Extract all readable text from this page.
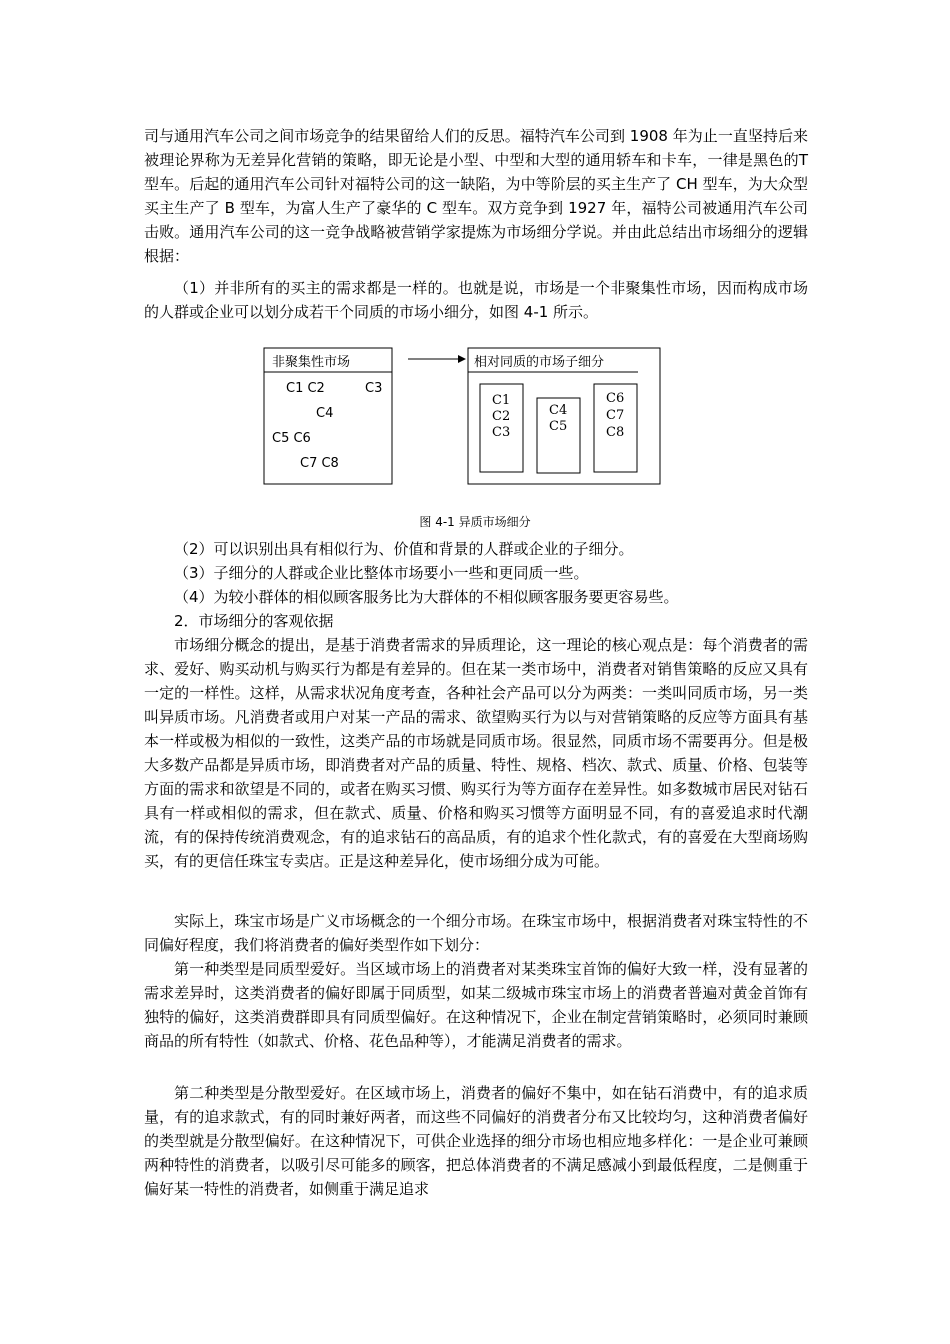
司与通用汽车公司之间市场竞争的结果留给人们的反思。福特汽车公司到 1908 年为止一直坚持后来被理论界称为无差异化营销的策略，即无论是小型、中型和大型的通用轿车和卡车，一律是黑色的T型车。后起的通用汽车公司针对福特公司的这一缺陷，为中等阶层的买主生产了 CH 型车，为大众型买主生产了 B 型车，为富人生产了豪华的 C 型车。双方竞争到 1927 年，福特公司被通用汽车公司击败。通用汽车公司的这一竞争战略被营销学家提炼为市场细分学说。并由此总结出市场细分的逻辑根据：

（1）并非所有的买主的需求都是一样的。也就是说，市场是一个非聚集性市场，因而构成市场的人群或企业可以划分成若干个同质的市场小细分，如图 4-1 所示。

非聚集性市场
C1 C2	C3
C4
C5 C6
C7 C8
相对同质的市场子细分
C1
C2
C3
C4
C5
C6
C7
C8
图 4-1 异质市场细分

（2）可以识别出具有相似行为、价值和背景的人群或企业的子细分。

（3）子细分的人群或企业比整体市场要小一些和更同质一些。

（4）为较小群体的相似顾客服务比为大群体的不相似顾客服务要更容易些。

2．市场细分的客观依据

市场细分概念的提出，是基于消费者需求的异质理论，这一理论的核心观点是：每个消费者的需求、爱好、购买动机与购买行为都是有差异的。但在某一类市场中，消费者对销售策略的反应又具有一定的一样性。这样，从需求状况角度考查，各种社会产品可以分为两类：一类叫同质市场，另一类叫异质市场。凡消费者或用户对某一产品的需求、欲望购买行为以与对营销策略的反应等方面具有基本一样或极为相似的一致性，这类产品的市场就是同质市场。很显然，同质市场不需要再分。但是极大多数产品都是异质市场，即消费者对产品的质量、特性、规格、档次、款式、质量、价格、包装等方面的需求和欲望是不同的，或者在购买习惯、购买行为等方面存在差异性。如多数城市居民对钻石具有一样或相似的需求，但在款式、质量、价格和购买习惯等方面明显不同，有的喜爱追求时代潮流，有的保持传统消费观念，有的追求钻石的高品质，有的追求个性化款式，有的喜爱在大型商场购买，有的更信任珠宝专卖店。正是这种差异化，使市场细分成为可能。

实际上，珠宝市场是广义市场概念的一个细分市场。在珠宝市场中，根据消费者对珠宝特性的不同偏好程度，我们将消费者的偏好类型作如下划分：

第一种类型是同质型爱好。当区域市场上的消费者对某类珠宝首饰的偏好大致一样，没有显著的需求差异时，这类消费者的偏好即属于同质型，如某二级城市珠宝市场上的消费者普遍对黄金首饰有独特的偏好，这类消费群即具有同质型偏好。在这种情况下，企业在制定营销策略时，必须同时兼顾商品的所有特性（如款式、价格、花色品种等），才能满足消费者的需求。

第二种类型是分散型爱好。在区域市场上，消费者的偏好不集中，如在钻石消费中，有的追求质量，有的追求款式，有的同时兼好两者，而这些不同偏好的消费者分布又比较均匀，这种消费者偏好的类型就是分散型偏好。在这种情况下，可供企业选择的细分市场也相应地多样化：一是企业可兼顾两种特性的消费者，以吸引尽可能多的顾客，把总体消费者的不满足感减小到最低程度，二是侧重于偏好某一特性的消费者，如侧重于满足追求
